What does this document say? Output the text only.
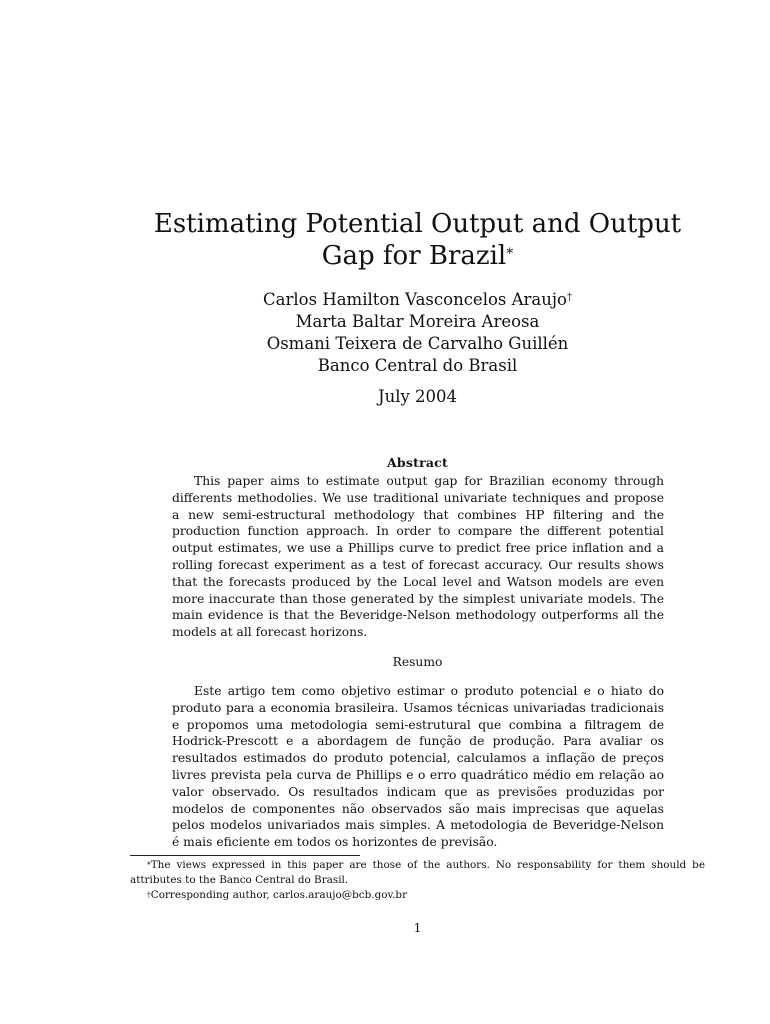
Estimating Potential Output and Output Gap for Brazil*
Carlos Hamilton Vasconcelos Araujo†
Marta Baltar Moreira Areosa
Osmani Teixera de Carvalho Guillén
Banco Central do Brasil
July 2004
Abstract

This paper aims to estimate output gap for Brazilian economy through differents methodolies. We use traditional univariate techniques and propose a new semi-estructural methodology that combines HP filtering and the production function approach. In order to compare the different potential output estimates, we use a Phillips curve to predict free price inflation and a rolling forecast experiment as a test of forecast accuracy. Our results shows that the forecasts produced by the Local level and Watson models are even more inaccurate than those generated by the simplest univariate models. The main evidence is that the Beveridge-Nelson methodology outperforms all the models at all forecast horizons.

Resumo

Este artigo tem como objetivo estimar o produto potencial e o hiato do produto para a economia brasileira. Usamos técnicas univariadas tradicionais e propomos uma metodologia semi-estrutural que combina a filtragem de Hodrick-Prescott e a abordagem de função de produção. Para avaliar os resultados estimados do produto potencial, calculamos a inflação de preços livres prevista pela curva de Phillips e o erro quadrático médio em relação ao valor observado. Os resultados indicam que as previsões produzidas por modelos de componentes não observados são mais imprecisas que aquelas pelos modelos univariados mais simples. A metodologia de Beveridge-Nelson é mais eficiente em todos os horizontes de previsão.

*The views expressed in this paper are those of the authors. No responsability for them should be attributes to the Banco Central do Brasil.

†Corresponding author, carlos.araujo@bcb.gov.br

1
